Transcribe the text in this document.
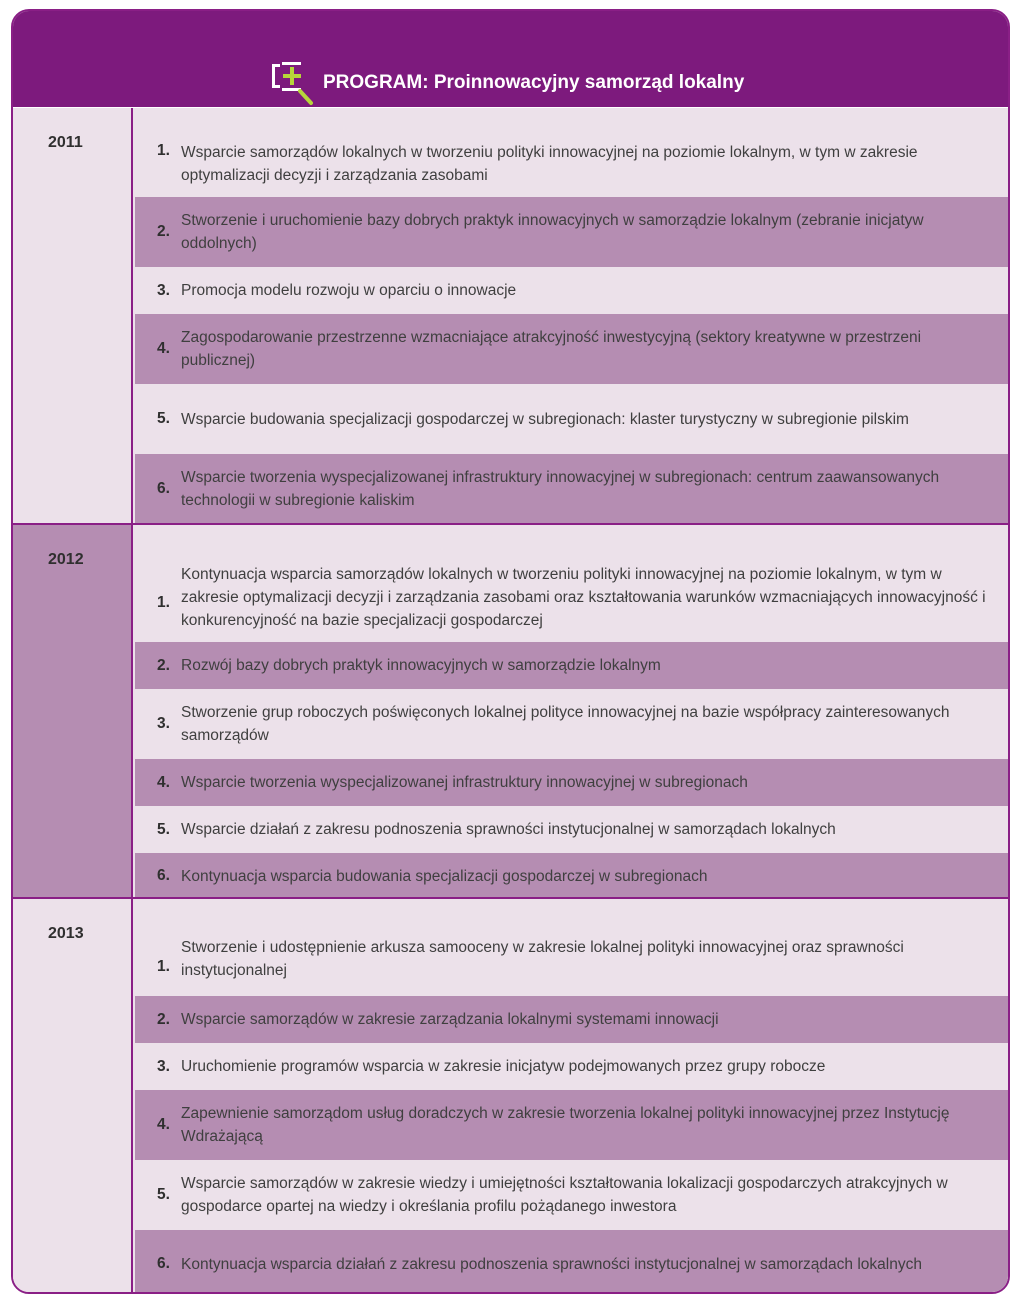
PROGRAM: Proinnowacyjny samorząd lokalny
2011	1. Wsparcie samorządów lokalnych w tworzeniu polityki innowacyjnej na poziomie lokalnym, w tym w zakresie optymalizacji decyzji i zarządzania zasobami
2.
Stworzenie i uruchomienie bazy dobrych praktyk innowacyjnych w samorządzie lokalnym (zebranie inicjatyw oddolnych)
3. Promocja modelu rozwoju w oparciu o innowacje
4.
Zagospodarowanie przestrzenne wzmacniające atrakcyjność inwestycyjną (sektory kreatywne w przestrzeni publicznej)
5. Wsparcie budowania specjalizacji gospodarczej w subregionach: klaster turystyczny w subregionie pilskim
6.
Wsparcie tworzenia wyspecjalizowanej infrastruktury innowacyjnej w subregionach: centrum zaawansowanych technologii w subregionie kaliskim
2012
1.
Kontynuacja wsparcia samorządów lokalnych w tworzeniu polityki innowacyjnej na poziomie lokalnym, w tym w zakresie optymalizacji decyzji i zarządzania zasobami oraz kształtowania warunków wzmacniających innowacyjność i konkurencyjność na bazie specjalizacji gospodarczej
2. Rozwój bazy dobrych praktyk innowacyjnych w samorządzie lokalnym
3.
Stworzenie grup roboczych poświęconych lokalnej polityce innowacyjnej na bazie współpracy zainteresowanych samorządów
4. Wsparcie tworzenia wyspecjalizowanej infrastruktury innowacyjnej w subregionach
5. Wsparcie działań z zakresu podnoszenia sprawności instytucjonalnej w samorządach lokalnych
6. Kontynuacja wsparcia budowania specjalizacji gospodarczej w subregionach
2013
1.
Stworzenie i udostępnienie arkusza samooceny w zakresie lokalnej polityki innowacyjnej oraz sprawności instytucjonalnej
2. Wsparcie samorządów w zakresie zarządzania lokalnymi systemami innowacji
3. Uruchomienie programów wsparcia w zakresie inicjatyw podejmowanych przez grupy robocze
4.
Zapewnienie samorządom usług doradczych w zakresie tworzenia lokalnej polityki innowacyjnej przez Instytucję Wdrażającą
5.
Wsparcie samorządów w zakresie wiedzy i umiejętności kształtowania lokalizacji gospodarczych atrakcyjnych w gospodarce opartej na wiedzy i określania profilu pożądanego inwestora
6. Kontynuacja wsparcia działań z zakresu podnoszenia sprawności instytucjonalnej w samorządach lokalnych
